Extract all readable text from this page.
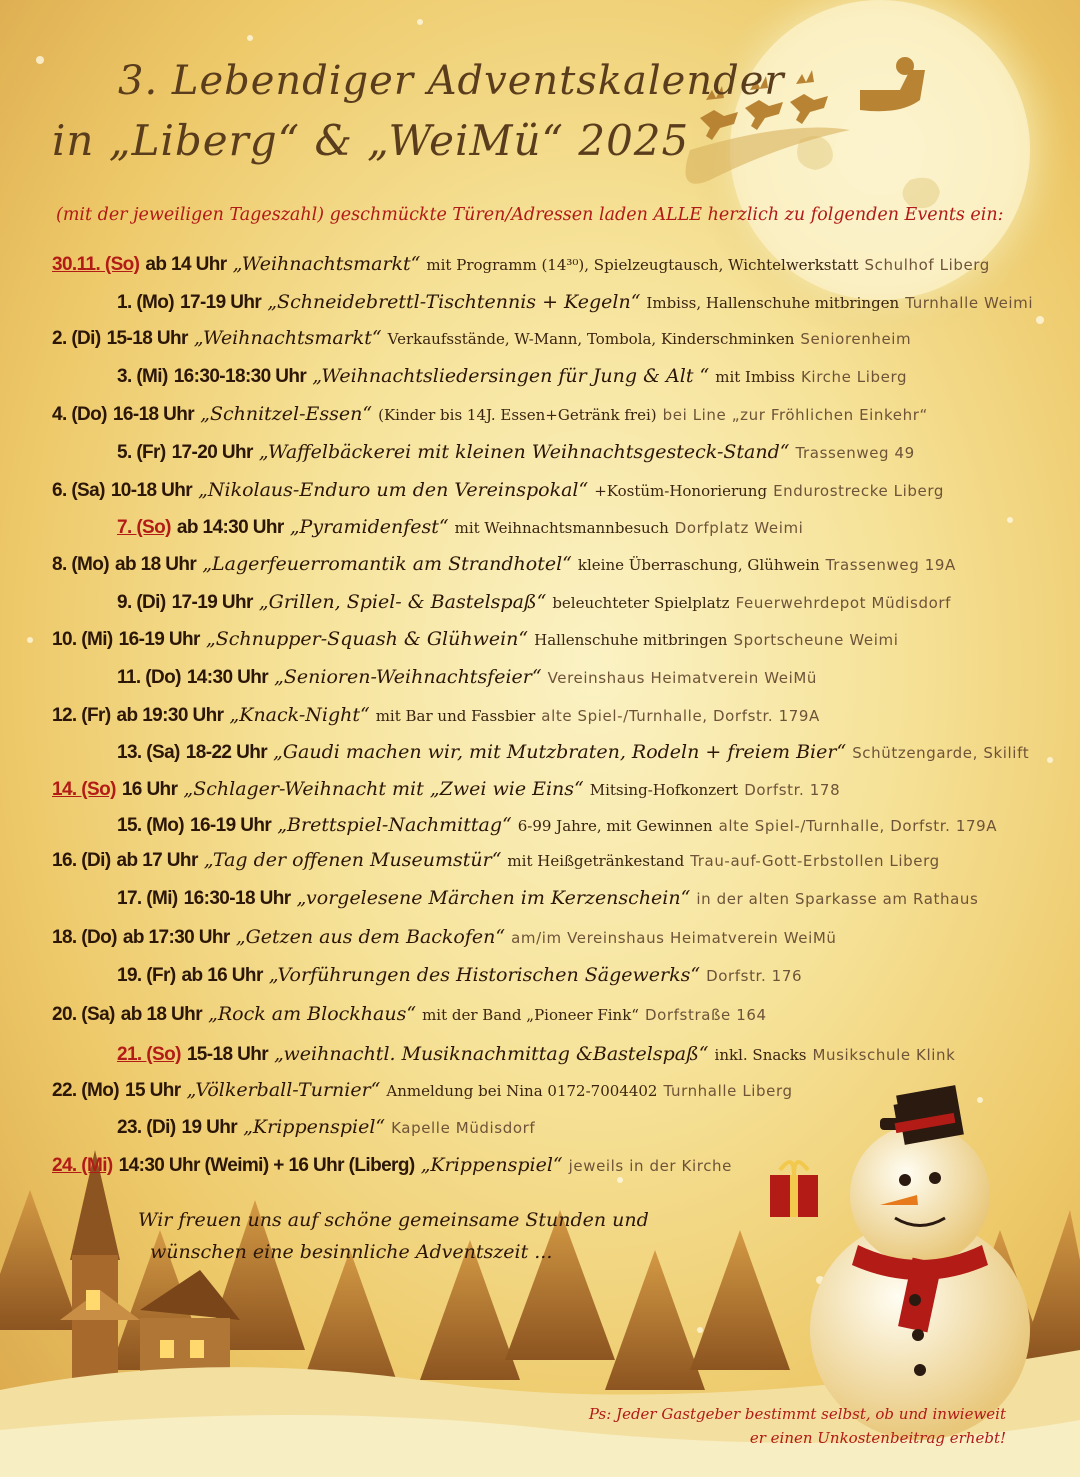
3. Lebendiger Adventskalender
in „Liberg“ & „WeiMü“ 2025
(mit der jeweiligen Tageszahl) geschmückte Türen/Adressen laden ALLE herzlich zu folgenden Events ein:
30.11. (So) ab 14 Uhr „Weihnachtsmarkt“ mit Programm (14³⁰), Spielzeugtausch, Wichtelwerkstatt Schulhof Liberg
1. (Mo) 17-19 Uhr „Schneidebrettl-Tischtennis + Kegeln“ Imbiss, Hallenschuhe mitbringen Turnhalle Weimi
2. (Di) 15-18 Uhr „Weihnachtsmarkt“ Verkaufsstände, W-Mann, Tombola, Kinderschminken Seniorenheim
3. (Mi) 16:30-18:30 Uhr „Weihnachtsliedersingen für Jung & Alt “ mit Imbiss Kirche Liberg
4. (Do) 16-18 Uhr „Schnitzel-Essen“ (Kinder bis 14J. Essen+Getränk frei) bei Line „zur Fröhlichen Einkehr“
5. (Fr) 17-20 Uhr „Waffelbäckerei mit kleinen Weihnachtsgesteck-Stand“ Trassenweg 49
6. (Sa) 10-18 Uhr „Nikolaus-Enduro um den Vereinspokal“ +Kostüm-Honorierung Endurostrecke Liberg
7. (So) ab 14:30 Uhr „Pyramidenfest“ mit Weihnachtsmannbesuch Dorfplatz Weimi
8. (Mo) ab 18 Uhr „Lagerfeuerromantik am Strandhotel“ kleine Überraschung, Glühwein Trassenweg 19A
9. (Di) 17-19 Uhr „Grillen, Spiel- & Bastelspaß“ beleuchteter Spielplatz Feuerwehrdepot Müdisdorf
10. (Mi) 16-19 Uhr „Schnupper-Squash & Glühwein“ Hallenschuhe mitbringen Sportscheune Weimi
11. (Do) 14:30 Uhr „Senioren-Weihnachtsfeier“ Vereinshaus Heimatverein WeiMü
12. (Fr) ab 19:30 Uhr „Knack-Night“ mit Bar und Fassbier alte Spiel-/Turnhalle, Dorfstr. 179A
13. (Sa) 18-22 Uhr „Gaudi machen wir, mit Mutzbraten, Rodeln + freiem Bier“ Schützengarde, Skilift
14. (So) 16 Uhr „Schlager-Weihnacht mit „Zwei wie Eins“ Mitsing-Hofkonzert Dorfstr. 178
15. (Mo) 16-19 Uhr „Brettspiel-Nachmittag“ 6-99 Jahre, mit Gewinnen alte Spiel-/Turnhalle, Dorfstr. 179A
16. (Di) ab 17 Uhr „Tag der offenen Museumstür“ mit Heißgetränkestand Trau-auf-Gott-Erbstollen Liberg
17. (Mi) 16:30-18 Uhr „vorgelesene Märchen im Kerzenschein“ in der alten Sparkasse am Rathaus
18. (Do) ab 17:30 Uhr „Getzen aus dem Backofen“ am/im Vereinshaus Heimatverein WeiMü
19. (Fr) ab 16 Uhr „Vorführungen des Historischen Sägewerks“ Dorfstr. 176
20. (Sa) ab 18 Uhr „Rock am Blockhaus“ mit der Band „Pioneer Fink“ Dorfstraße 164
21. (So) 15-18 Uhr „weihnachtl. Musiknachmittag &Bastelspaß“ inkl. Snacks Musikschule Klink
22. (Mo) 15 Uhr „Völkerball-Turnier“ Anmeldung bei Nina 0172-7004402 Turnhalle Liberg
23. (Di) 19 Uhr „Krippenspiel“ Kapelle Müdisdorf
24. (Mi) 14:30 Uhr (Weimi) + 16 Uhr (Liberg) „Krippenspiel“ jeweils in der Kirche
Wir freuen uns auf schöne gemeinsame Stunden und
wünschen eine besinnliche Adventszeit ...
Ps: Jeder Gastgeber bestimmt selbst, ob und inwieweit
er einen Unkostenbeitrag erhebt!
